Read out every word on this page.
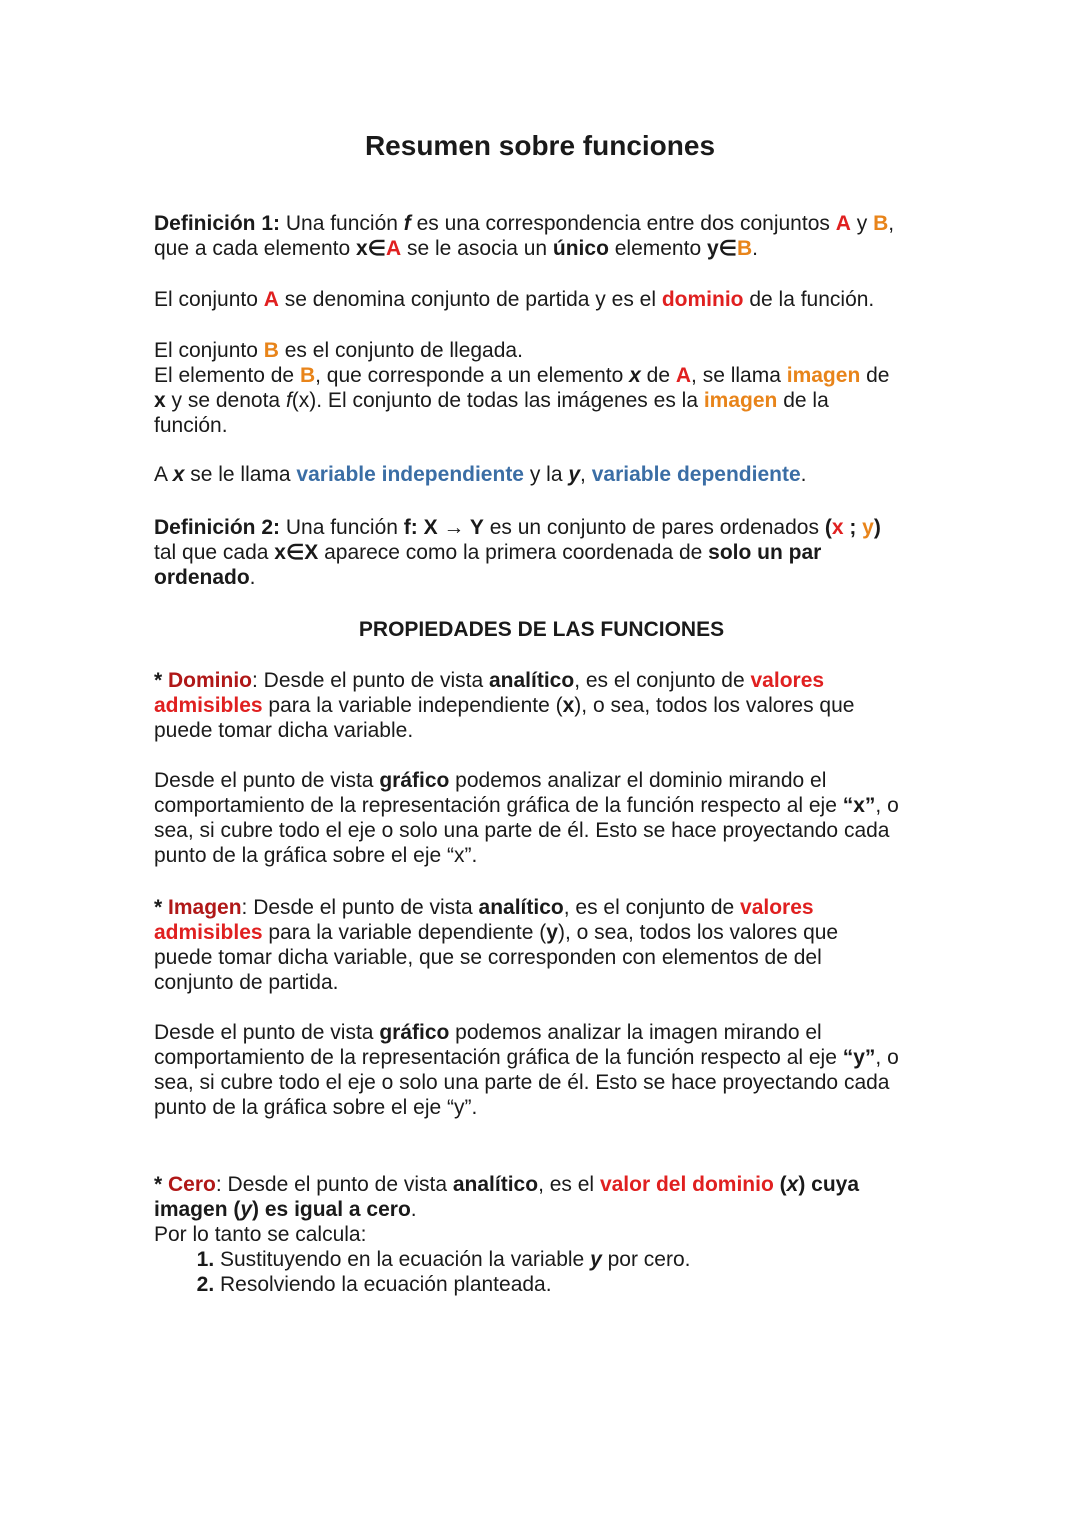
Resumen sobre funciones

Definición 1: Una función f es una correspondencia entre dos conjuntos A y B,
que a cada elemento x∈A se le asocia un único elemento y∈B.

El conjunto A se denomina conjunto de partida y es el dominio de la función.

El conjunto B es el conjunto de llegada.
El elemento de B, que corresponde a un elemento x de A, se llama imagen de
x y se denota f(x). El conjunto de todas las imágenes es la imagen de la
función.

A x se le llama variable independiente y la y, variable dependiente.

Definición 2: Una función f: X → Y es un conjunto de pares ordenados (x ; y)
tal que cada x∈X aparece como la primera coordenada de solo un par
ordenado.

PROPIEDADES DE LAS FUNCIONES

* Dominio: Desde el punto de vista analítico, es el conjunto de valores
admisibles para la variable independiente (x), o sea, todos los valores que
puede tomar dicha variable.

Desde el punto de vista gráfico podemos analizar el dominio mirando el
comportamiento de la representación gráfica de la función respecto al eje “x”, o
sea, si cubre todo el eje o solo una parte de él. Esto se hace proyectando cada
punto de la gráfica sobre el eje “x”.

* Imagen: Desde el punto de vista analítico, es el conjunto de valores
admisibles para la variable dependiente (y), o sea, todos los valores que
puede tomar dicha variable, que se corresponden con elementos de del
conjunto de partida.

Desde el punto de vista gráfico podemos analizar la imagen mirando el
comportamiento de la representación gráfica de la función respecto al eje “y”, o
sea, si cubre todo el eje o solo una parte de él. Esto se hace proyectando cada
punto de la gráfica sobre el eje “y”.

* Cero: Desde el punto de vista analítico, es el valor del dominio (x) cuya
imagen (y) es igual a cero.
Por lo tanto se calcula:
1. Sustituyendo en la ecuación la variable y por cero.
2. Resolviendo la ecuación planteada.
